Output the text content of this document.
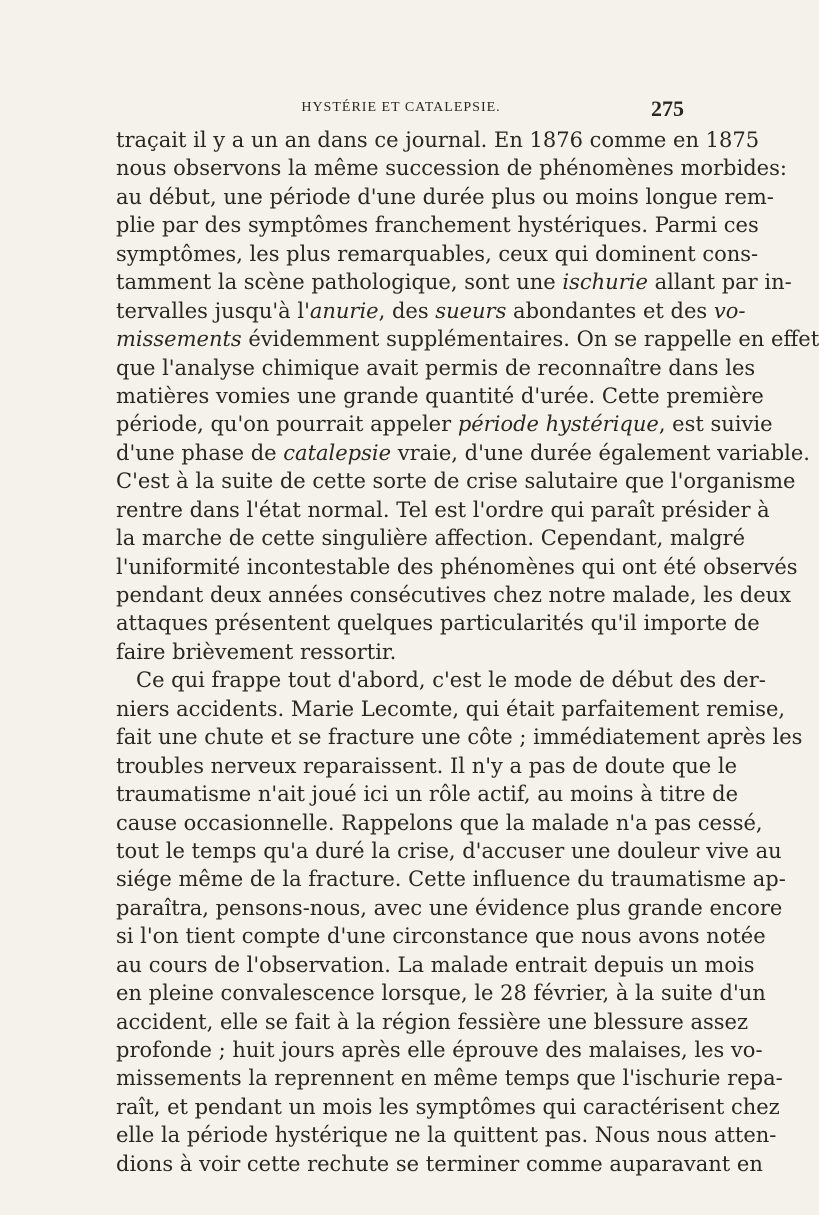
HYSTÉRIE ET CATALEPSIE.	275
traçait il y a un an dans ce journal. En 1876 comme en 1875
nous observons la même succession de phénomènes morbides:
au début, une période d'une durée plus ou moins longue rem-
plie par des symptômes franchement hystériques. Parmi ces
symptômes, les plus remarquables, ceux qui dominent cons-
tamment la scène pathologique, sont une ischurie allant par in-
tervalles jusqu'à l'anurie, des sueurs abondantes et des vo-
missements évidemment supplémentaires. On se rappelle en effet
que l'analyse chimique avait permis de reconnaître dans les
matières vomies une grande quantité d'urée. Cette première
période, qu'on pourrait appeler période hystérique, est suivie
d'une phase de catalepsie vraie, d'une durée également variable.
C'est à la suite de cette sorte de crise salutaire que l'organisme
rentre dans l'état normal. Tel est l'ordre qui paraît présider à
la marche de cette singulière affection. Cependant, malgré
l'uniformité incontestable des phénomènes qui ont été observés
pendant deux années consécutives chez notre malade, les deux
attaques présentent quelques particularités qu'il importe de
faire brièvement ressortir.
Ce qui frappe tout d'abord, c'est le mode de début des der-
niers accidents. Marie Lecomte, qui était parfaitement remise,
fait une chute et se fracture une côte ; immédiatement après les
troubles nerveux reparaissent. Il n'y a pas de doute que le
traumatisme n'ait joué ici un rôle actif, au moins à titre de
cause occasionnelle. Rappelons que la malade n'a pas cessé,
tout le temps qu'a duré la crise, d'accuser une douleur vive au
siége même de la fracture. Cette influence du traumatisme ap-
paraîtra, pensons-nous, avec une évidence plus grande encore
si l'on tient compte d'une circonstance que nous avons notée
au cours de l'observation. La malade entrait depuis un mois
en pleine convalescence lorsque, le 28 février, à la suite d'un
accident, elle se fait à la région fessière une blessure assez
profonde ; huit jours après elle éprouve des malaises, les vo-
missements la reprennent en même temps que l'ischurie repa-
raît, et pendant un mois les symptômes qui caractérisent chez
elle la période hystérique ne la quittent pas. Nous nous atten-
dions à voir cette rechute se terminer comme auparavant en
